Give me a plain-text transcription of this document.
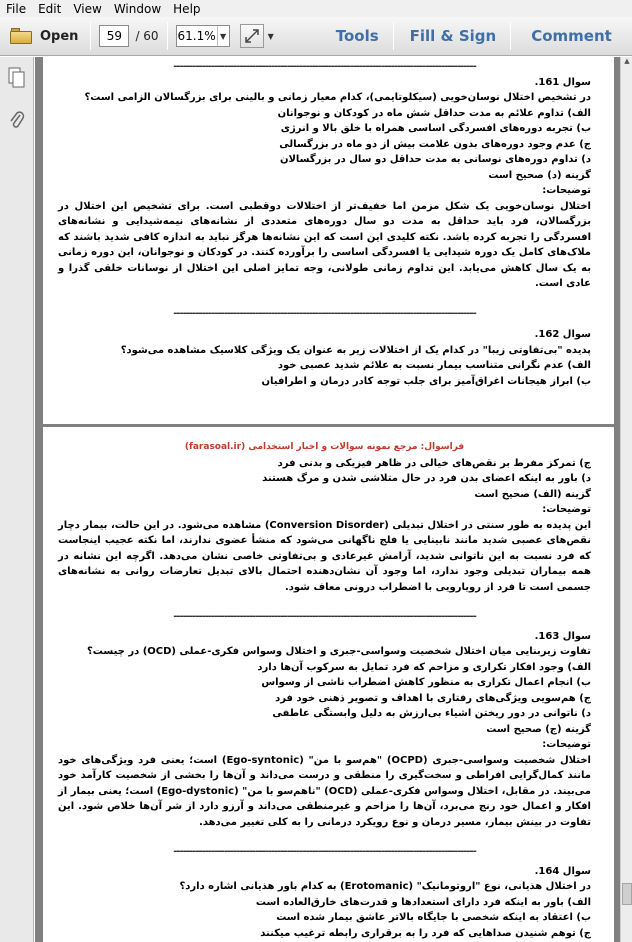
File	Edit	View	Window	Help
Open	59	/ 60 61.1% ▼	▼	Tools Fill & Sign Comment
------------------------------------------------------------------------------------------------

سوال 161.

در تشخیص اختلال نوسان‌خویی (سیکلوتایمی)، کدام معیار زمانی و بالینی برای بزرگسالان الزامی است؟

الف) تداوم علائم به مدت حداقل شش ماه در کودکان و نوجوانان

ب) تجربه دوره‌های افسردگی اساسی همراه با خلق بالا و انرژی

ج) عدم وجود دوره‌های بدون علامت بیش از دو ماه در بزرگسالی

د) تداوم دوره‌های نوسانی به مدت حداقل دو سال در بزرگسالان

گزینه (د) صحیح است

توضیحات:

اختلال نوسان‌خویی یک شکل مزمن اما خفیف‌تر از اختلالات دوقطبی است. برای تشخیص این اختلال در بزرگسالان، فرد باید حداقل به مدت دو سال دوره‌های متعددی از نشانه‌های نیمه‌شیدایی و نشانه‌های افسردگی را تجربه کرده باشد. نکته کلیدی این است که این نشانه‌ها هرگز نباید به اندازه کافی شدید باشند که ملاک‌های کامل یک دوره شیدایی یا افسردگی اساسی را برآورده کنند. در کودکان و نوجوانان، این دوره زمانی به یک سال کاهش می‌یابد. این تداوم زمانی طولانی، وجه تمایز اصلی این اختلال از نوسانات خلقی گذرا و عادی است.

------------------------------------------------------------------------------------------------

سوال 162.

پدیده "بی‌تفاوتی زیبا" در کدام یک از اختلالات زیر به عنوان یک ویژگی کلاسیک مشاهده می‌شود؟

الف) عدم نگرانی متناسب بیمار نسبت به علائم شدید عصبی خود

ب) ابراز هیجانات اغراق‌آمیز برای جلب توجه کادر درمان و اطرافیان

فراسوال: مرجع نمونه سوالات و اخبار استخدامی (farasoal.ir)

ج) تمرکز مفرط بر نقص‌های خیالی در ظاهر فیزیکی و بدنی فرد

د) باور به اینکه اعضای بدن فرد در حال متلاشی شدن و مرگ هستند

گزینه (الف) صحیح است

توضیحات:

این پدیده به طور سنتی در اختلال تبدیلی (Conversion Disorder) مشاهده می‌شود. در این حالت، بیمار دچار نقص‌های عصبی شدید مانند نابینایی یا فلج ناگهانی می‌شود که منشأ عضوی ندارند، اما نکته عجیب اینجاست که فرد نسبت به این ناتوانی شدید، آرامش غیرعادی و بی‌تفاوتی خاصی نشان می‌دهد. اگرچه این نشانه در همه بیماران تبدیلی وجود ندارد، اما وجود آن نشان‌دهنده احتمال بالای تبدیل تعارضات روانی به نشانه‌های جسمی است تا فرد از رویارویی با اضطراب درونی معاف شود.

------------------------------------------------------------------------------------------------

سوال 163.

تفاوت زیربنایی میان اختلال شخصیت وسواسی-جبری و اختلال وسواس فکری-عملی (OCD) در چیست؟

الف) وجود افکار تکراری و مزاحم که فرد تمایل به سرکوب آن‌ها دارد

ب) انجام اعمال تکراری به منظور کاهش اضطراب ناشی از وسواس

ج) هم‌سویی ویژگی‌های رفتاری با اهداف و تصویر ذهنی خود فرد

د) ناتوانی در دور ریختن اشیاء بی‌ارزش به دلیل وابستگی عاطفی

گزینه (ج) صحیح است

توضیحات:

اختلال شخصیت وسواسی-جبری (OCPD) "هم‌سو با من" (Ego-syntonic) است؛ یعنی فرد ویژگی‌های خود مانند کمال‌گرایی افراطی و سخت‌گیری را منطقی و درست می‌داند و آن‌ها را بخشی از شخصیت کارآمد خود می‌بیند. در مقابل، اختلال وسواس فکری-عملی (OCD) "ناهم‌سو با من" (Ego-dystonic) است؛ یعنی بیمار از افکار و اعمال خود رنج می‌برد، آن‌ها را مزاحم و غیرمنطقی می‌داند و آرزو دارد از شر آن‌ها خلاص شود. این تفاوت در بینش بیمار، مسیر درمان و نوع رویکرد درمانی را به کلی تغییر می‌دهد.

------------------------------------------------------------------------------------------------

سوال 164.

در اختلال هذیانی، نوع "اروتومانیک" (Erotomanic) به کدام باور هذیانی اشاره دارد؟

الف) باور به اینکه فرد دارای استعدادها و قدرت‌های خارق‌العاده است

ب) اعتقاد به اینکه شخصی با جایگاه بالاتر عاشق بیمار شده است

ج) توهم شنیدن صداهایی که فرد را به برقراری رابطه ترغیب میکنند

▲
